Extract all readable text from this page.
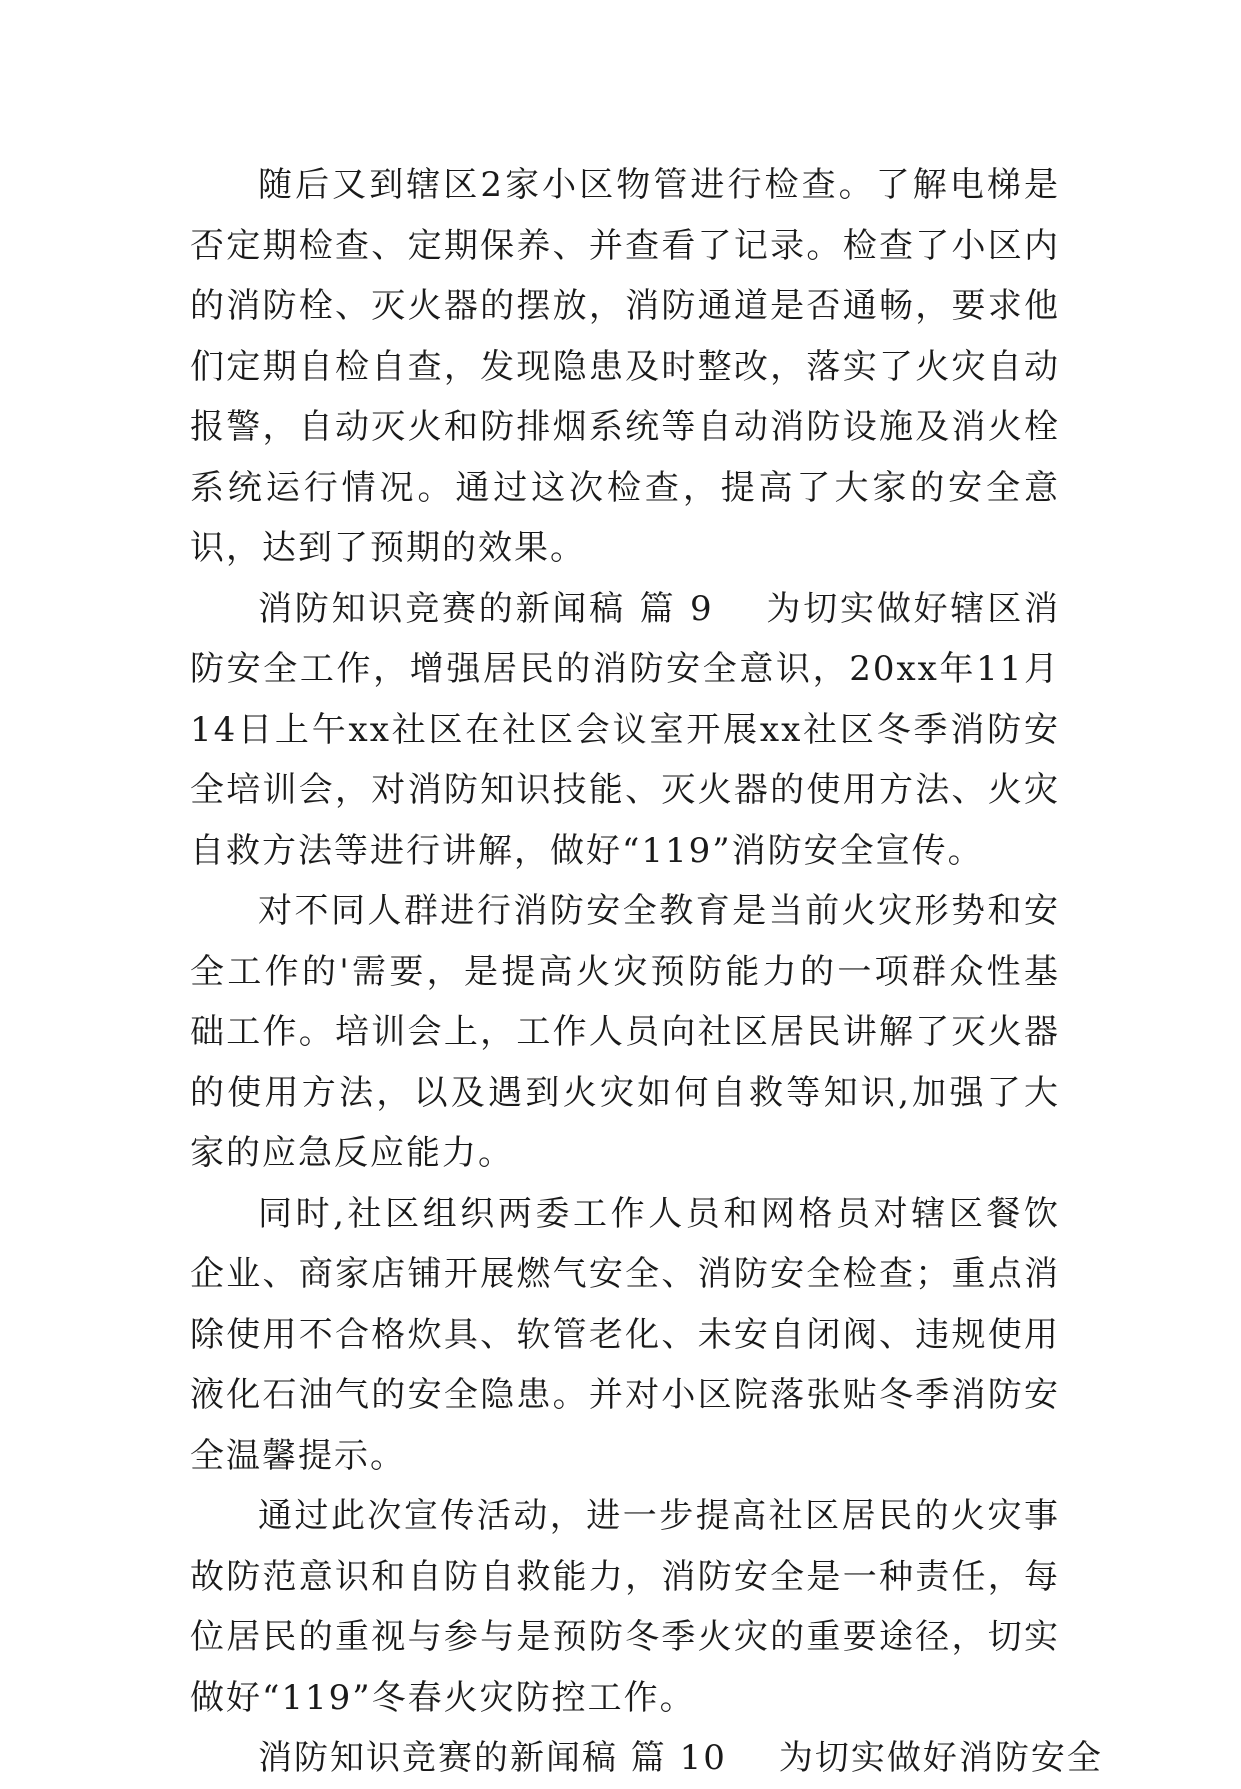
随后又到辖区2家小区物管进行检查。了解电梯是否定期检查、定期保养、并查看了记录。检查了小区内的消防栓、灭火器的摆放，消防通道是否通畅，要求他们定期自检自查，发现隐患及时整改，落实了火灾自动报警，自动灭火和防排烟系统等自动消防设施及消火栓系统运行情况。通过这次检查，提高了大家的安全意识，达到了预期的效果。

消防知识竞赛的新闻稿 篇 9 为切实做好辖区消防安全工作，增强居民的消防安全意识，20xx年11月14日上午xx社区在社区会议室开展xx社区冬季消防安全培训会，对消防知识技能、灭火器的使用方法、火灾自救方法等进行讲解，做好“119”消防安全宣传。

对不同人群进行消防安全教育是当前火灾形势和安全工作的'需要，是提高火灾预防能力的一项群众性基础工作。培训会上，工作人员向社区居民讲解了灭火器的使用方法，以及遇到火灾如何自救等知识,加强了大家的应急反应能力。

同时,社区组织两委工作人员和网格员对辖区餐饮企业、商家店铺开展燃气安全、消防安全检查；重点消除使用不合格炊具、软管老化、未安自闭阀、违规使用液化石油气的安全隐患。并对小区院落张贴冬季消防安全温馨提示。

通过此次宣传活动，进一步提高社区居民的火灾事故防范意识和自防自救能力，消防安全是一种责任，每位居民的重视与参与是预防冬季火灾的重要途径，切实做好“119”冬春火灾防控工作。

消防知识竞赛的新闻稿 篇 10 为切实做好消防安全
